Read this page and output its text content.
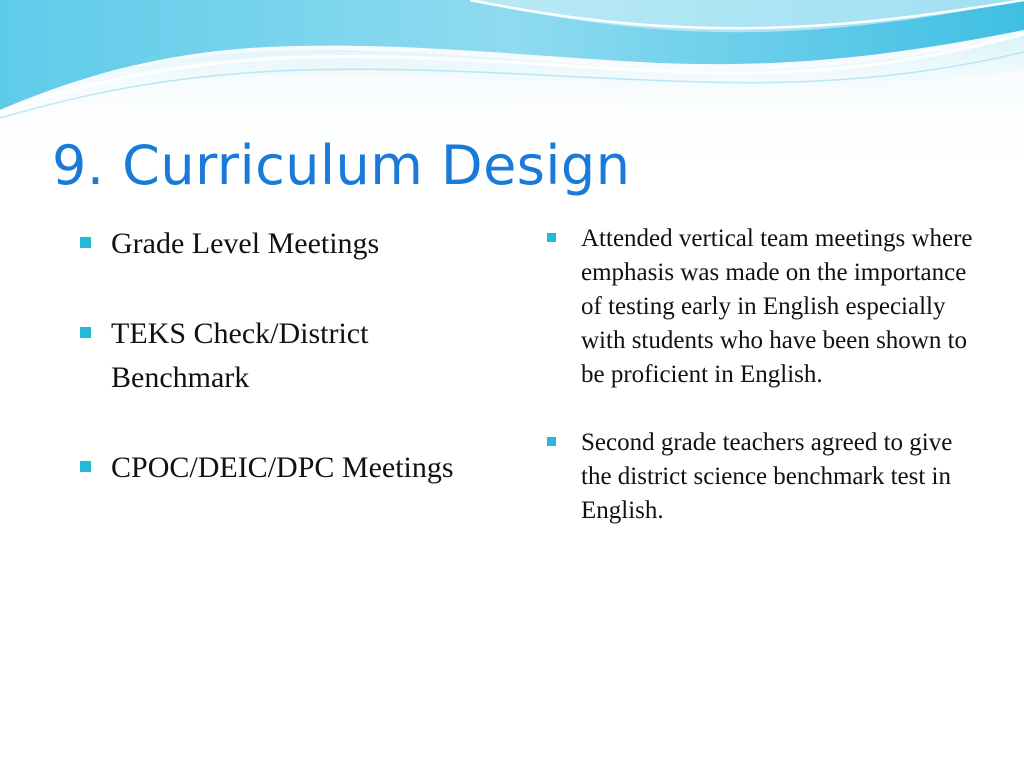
9. Curriculum Design
Grade Level Meetings
TEKS Check/District Benchmark
CPOC/DEIC/DPC Meetings
Attended vertical team meetings where emphasis was made on the importance of testing early in English especially with students who have been shown to be proficient in English.
Second grade teachers agreed to give the district science benchmark test in English.
